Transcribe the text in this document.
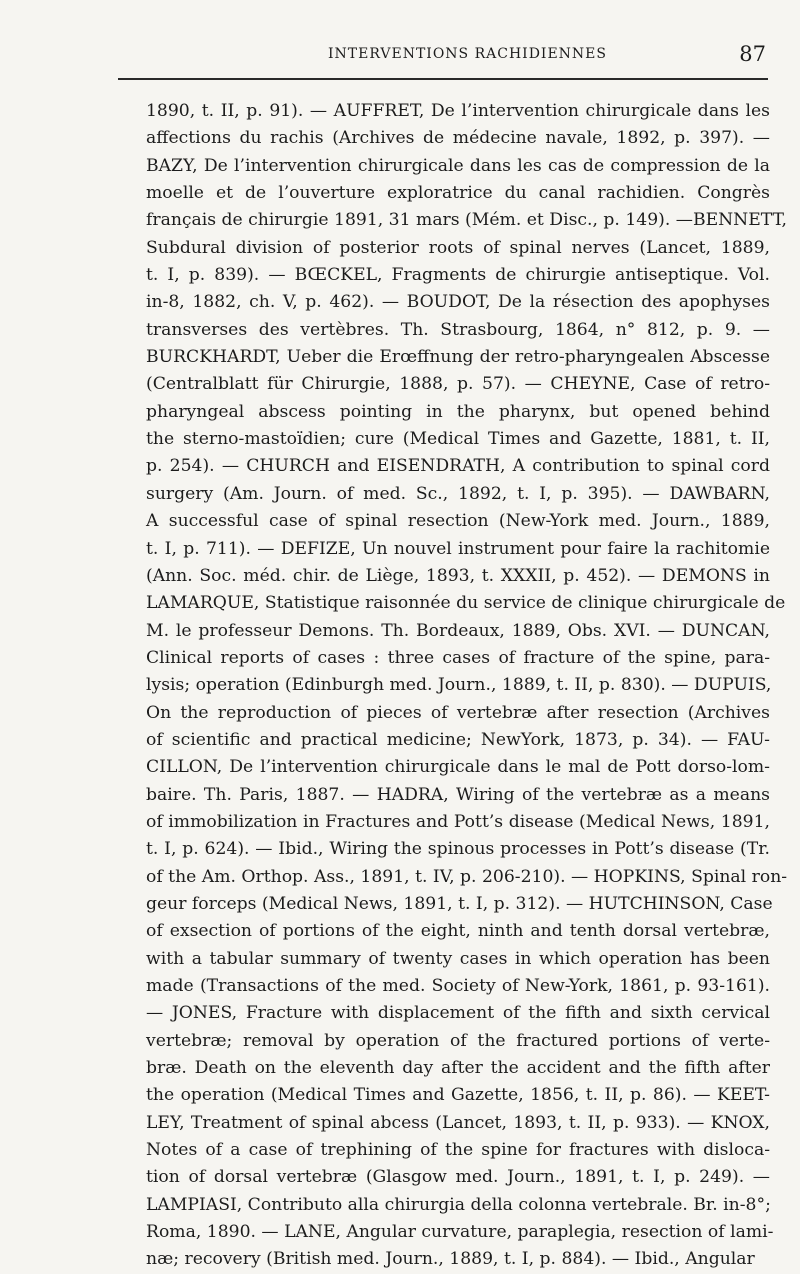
INTERVENTIONS RACHIDIENNES	87
1890, t. II, p. 91). — AUFFRET, De l’intervention chirurgicale dans les
affections du rachis (Archives de médecine navale, 1892, p. 397). —
BAZY, De l’intervention chirurgicale dans les cas de compression de la
moelle et de l’ouverture exploratrice du canal rachidien. Congrès
français de chirurgie 1891, 31 mars (Mém. et Disc., p. 149). —BENNETT,
Subdural division of posterior roots of spinal nerves (Lancet, 1889,
t. I, p. 839). — BŒCKEL, Fragments de chirurgie antiseptique. Vol.
in-8, 1882, ch. V, p. 462). — BOUDOT, De la résection des apophyses
transverses des vertèbres. Th. Strasbourg, 1864, n° 812, p. 9. —
BURCKHARDT, Ueber die Erœffnung der retro-pharyngealen Abscesse
(Centralblatt für Chirurgie, 1888, p. 57). — CHEYNE, Case of retro-
pharyngeal abscess pointing in the pharynx, but opened behind
the sterno-mastoïdien; cure (Medical Times and Gazette, 1881, t. II,
p. 254). — CHURCH and EISENDRATH, A contribution to spinal cord
surgery (Am. Journ. of med. Sc., 1892, t. I, p. 395). — DAWBARN,
A successful case of spinal resection (New-York med. Journ., 1889,
t. I, p. 711). — DEFIZE, Un nouvel instrument pour faire la rachitomie
(Ann. Soc. méd. chir. de Liège, 1893, t. XXXII, p. 452). — DEMONS in
LAMARQUE, Statistique raisonnée du service de clinique chirurgicale de
M. le professeur Demons. Th. Bordeaux, 1889, Obs. XVI. — DUNCAN,
Clinical reports of cases : three cases of fracture of the spine, para-
lysis; operation (Edinburgh med. Journ., 1889, t. II, p. 830). — DUPUIS,
On the reproduction of pieces of vertebræ after resection (Archives
of scientific and practical medicine; NewYork, 1873, p. 34). — FAU-
CILLON, De l’intervention chirurgicale dans le mal de Pott dorso-lom-
baire. Th. Paris, 1887. — HADRA, Wiring of the vertebræ as a means
of immobilization in Fractures and Pott’s disease (Medical News, 1891,
t. I, p. 624). — Ibid., Wiring the spinous processes in Pott’s disease (Tr.
of the Am. Orthop. Ass., 1891, t. IV, p. 206-210). — HOPKINS, Spinal ron-
geur forceps (Medical News, 1891, t. I, p. 312). — HUTCHINSON, Case
of exsection of portions of the eight, ninth and tenth dorsal vertebræ,
with a tabular summary of twenty cases in which operation has been
made (Transactions of the med. Society of New-York, 1861, p. 93-161).
— JONES, Fracture with displacement of the fifth and sixth cervical
vertebræ; removal by operation of the fractured portions of verte-
bræ. Death on the eleventh day after the accident and the fifth after
the operation (Medical Times and Gazette, 1856, t. II, p. 86). — KEET-
LEY, Treatment of spinal abcess (Lancet, 1893, t. II, p. 933). — KNOX,
Notes of a case of trephining of the spine for fractures with disloca-
tion of dorsal vertebræ (Glasgow med. Journ., 1891, t. I, p. 249). —
LAMPIASI, Contributo alla chirurgia della colonna vertebrale. Br. in-8°;
Roma, 1890. — LANE, Angular curvature, paraplegia, resection of lami-
næ; recovery (British med. Journ., 1889, t. I, p. 884). — Ibid., Angular
